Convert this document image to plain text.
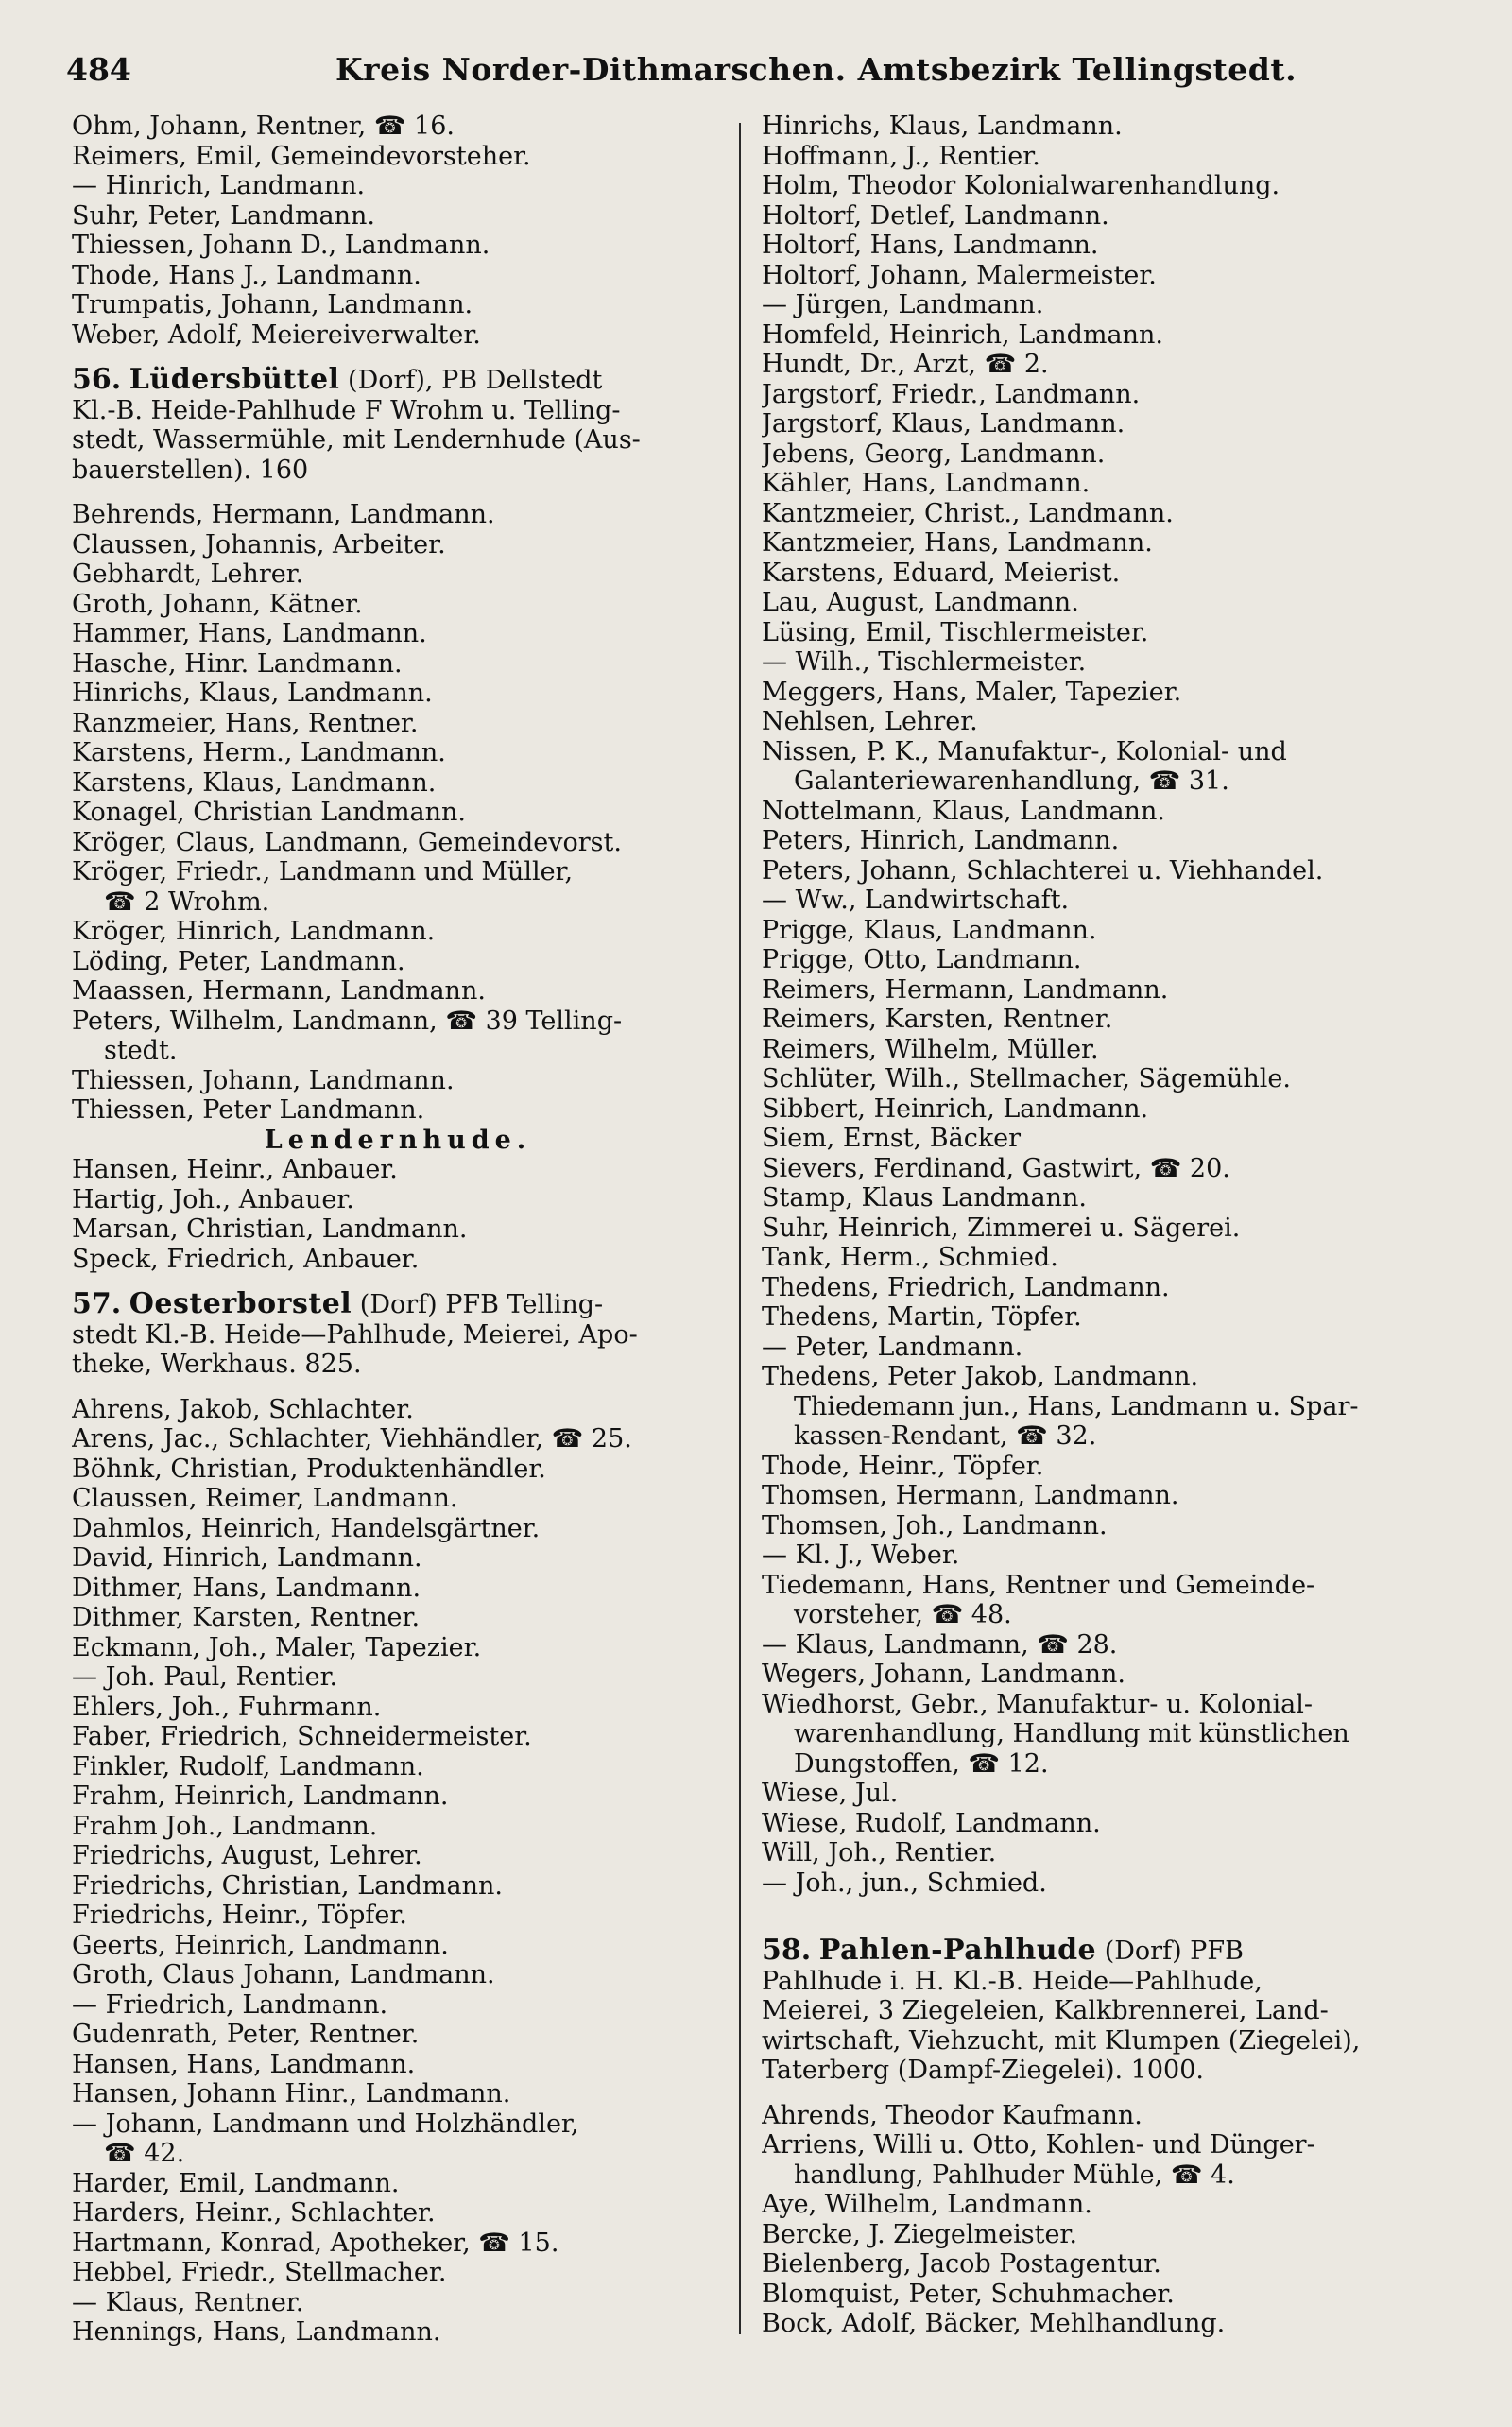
484	Kreis Norder-Dithmarschen. Amtsbezirk Tellingstedt.
Ohm, Johann, Rentner, ☎ 16.
Reimers, Emil, Gemeindevorsteher.
— Hinrich, Landmann.
Suhr, Peter, Landmann.
Thiessen, Johann D., Landmann.
Thode, Hans J., Landmann.
Trumpatis, Johann, Landmann.
Weber, Adolf, Meiereiverwalter.
56. Lüdersbüttel (Dorf), PB Dellstedt
Kl.-B. Heide-Pahlhude F Wrohm u. Telling-
stedt, Wassermühle, mit Lendernhude (Aus-
bauerstellen). 160
Behrends, Hermann, Landmann.
Claussen, Johannis, Arbeiter.
Gebhardt, Lehrer.
Groth, Johann, Kätner.
Hammer, Hans, Landmann.
Hasche, Hinr. Landmann.
Hinrichs, Klaus, Landmann.
Ranzmeier, Hans, Rentner.
Karstens, Herm., Landmann.
Karstens, Klaus, Landmann.
Konagel, Christian Landmann.
Kröger, Claus, Landmann, Gemeindevorst.
Kröger, Friedr., Landmann und Müller,
☎ 2 Wrohm.
Kröger, Hinrich, Landmann.
Löding, Peter, Landmann.
Maassen, Hermann, Landmann.
Peters, Wilhelm, Landmann, ☎ 39 Telling-
stedt.
Thiessen, Johann, Landmann.
Thiessen, Peter Landmann.
Lendernhude.
Hansen, Heinr., Anbauer.
Hartig, Joh., Anbauer.
Marsan, Christian, Landmann.
Speck, Friedrich, Anbauer.
57. Oesterborstel (Dorf) PFB Telling-
stedt Kl.-B. Heide—Pahlhude, Meierei, Apo-
theke, Werkhaus. 825.
Ahrens, Jakob, Schlachter.
Arens, Jac., Schlachter, Viehhändler, ☎ 25.
Böhnk, Christian, Produktenhändler.
Claussen, Reimer, Landmann.
Dahmlos, Heinrich, Handelsgärtner.
David, Hinrich, Landmann.
Dithmer, Hans, Landmann.
Dithmer, Karsten, Rentner.
Eckmann, Joh., Maler, Tapezier.
— Joh. Paul, Rentier.
Ehlers, Joh., Fuhrmann.
Faber, Friedrich, Schneidermeister.
Finkler, Rudolf, Landmann.
Frahm, Heinrich, Landmann.
Frahm Joh., Landmann.
Friedrichs, August, Lehrer.
Friedrichs, Christian, Landmann.
Friedrichs, Heinr., Töpfer.
Geerts, Heinrich, Landmann.
Groth, Claus Johann, Landmann.
— Friedrich, Landmann.
Gudenrath, Peter, Rentner.
Hansen, Hans, Landmann.
Hansen, Johann Hinr., Landmann.
— Johann, Landmann und Holzhändler,
☎ 42.
Harder, Emil, Landmann.
Harders, Heinr., Schlachter.
Hartmann, Konrad, Apotheker, ☎ 15.
Hebbel, Friedr., Stellmacher.
— Klaus, Rentner.
Hennings, Hans, Landmann.
Hinrichs, Klaus, Landmann.
Hoffmann, J., Rentier.
Holm, Theodor Kolonialwarenhandlung.
Holtorf, Detlef, Landmann.
Holtorf, Hans, Landmann.
Holtorf, Johann, Malermeister.
— Jürgen, Landmann.
Homfeld, Heinrich, Landmann.
Hundt, Dr., Arzt, ☎ 2.
Jargstorf, Friedr., Landmann.
Jargstorf, Klaus, Landmann.
Jebens, Georg, Landmann.
Kähler, Hans, Landmann.
Kantzmeier, Christ., Landmann.
Kantzmeier, Hans, Landmann.
Karstens, Eduard, Meierist.
Lau, August, Landmann.
Lüsing, Emil, Tischlermeister.
— Wilh., Tischlermeister.
Meggers, Hans, Maler, Tapezier.
Nehlsen, Lehrer.
Nissen, P. K., Manufaktur-, Kolonial- und
Galanteriewarenhandlung, ☎ 31.
Nottelmann, Klaus, Landmann.
Peters, Hinrich, Landmann.
Peters, Johann, Schlachterei u. Viehhandel.
— Ww., Landwirtschaft.
Prigge, Klaus, Landmann.
Prigge, Otto, Landmann.
Reimers, Hermann, Landmann.
Reimers, Karsten, Rentner.
Reimers, Wilhelm, Müller.
Schlüter, Wilh., Stellmacher, Sägemühle.
Sibbert, Heinrich, Landmann.
Siem, Ernst, Bäcker
Sievers, Ferdinand, Gastwirt, ☎ 20.
Stamp, Klaus Landmann.
Suhr, Heinrich, Zimmerei u. Sägerei.
Tank, Herm., Schmied.
Thedens, Friedrich, Landmann.
Thedens, Martin, Töpfer.
— Peter, Landmann.
Thedens, Peter Jakob, Landmann.
Thiedemann jun., Hans, Landmann u. Spar-
kassen-Rendant, ☎ 32.
Thode, Heinr., Töpfer.
Thomsen, Hermann, Landmann.
Thomsen, Joh., Landmann.
— Kl. J., Weber.
Tiedemann, Hans, Rentner und Gemeinde-
vorsteher, ☎ 48.
— Klaus, Landmann, ☎ 28.
Wegers, Johann, Landmann.
Wiedhorst, Gebr., Manufaktur- u. Kolonial-
warenhandlung, Handlung mit künstlichen
Dungstoffen, ☎ 12.
Wiese, Jul.
Wiese, Rudolf, Landmann.
Will, Joh., Rentier.
— Joh., jun., Schmied.
58. Pahlen-Pahlhude (Dorf) PFB
Pahlhude i. H. Kl.-B. Heide—Pahlhude,
Meierei, 3 Ziegeleien, Kalkbrennerei, Land-
wirtschaft, Viehzucht, mit Klumpen (Ziegelei),
Taterberg (Dampf-Ziegelei). 1000.
Ahrends, Theodor Kaufmann.
Arriens, Willi u. Otto, Kohlen- und Dünger-
handlung, Pahlhuder Mühle, ☎ 4.
Aye, Wilhelm, Landmann.
Bercke, J. Ziegelmeister.
Bielenberg, Jacob Postagentur.
Blomquist, Peter, Schuhmacher.
Bock, Adolf, Bäcker, Mehlhandlung.
